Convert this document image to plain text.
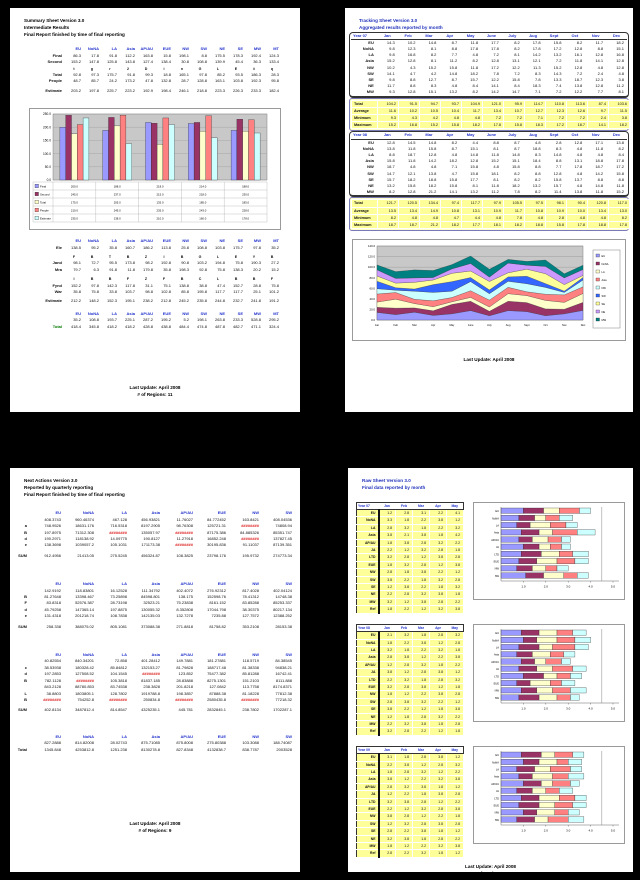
Summary Sheet Version 3.0
Intermediate Results
Final Report finished by time of final reporting
	EU	NoNA	LA	Asia	AP/AU	EUE	NW	SW	NE	SE	MW	MT
Final	86.3	17.8	91.8	112.2	163.8	15.8	198.1	8.8	175.5	178.3	192.4	124.3
Second	153.2	147.8	125.8	143.8	127.4	138.4	30.8	108.8	139.9	45.4	36.3	133.4
	t	g	r	2	D	i	n	G	L	E	#	q
Total	92.8	97.3	175.7	91.8	99.3	18.8	165.1	97.8	85.2	93.5	186.3	28.3
People	48.7	85.7	24.2	173.2	47.8	132.8	28.7	128.8	163.1	103.8	192.3	95.8

Estimate	203.2	197.8	225.7	223.2	192.9	198.4	246.1	218.8	223.3	226.3	233.3	182.4
0.0
50.0
100.0
150.0
200.0
250.0
Final	200.0	188.0	218.0	214.0	188.0
Second	245.0	237.0	215.0	218.0	230.0
Total	175.0	205.0	135.0	185.0	185.0
People	210.0	245.0	235.0	243.0	228.0
Estimate	235.0	138.0	210.0	160.0	178.0
	EU	NoNA	LA	Asia	AP/AU	EUE	NW	SW	NE	SE	MW	MT
Ele	138.5	95.2	35.8	160.7	186.2	113.8	25.8	108.8	103.8	175.7	97.8	35.2

	F	B	T	B	Z	I	B	G	L	E	Y	B
Jand	98.1	72.7	95.5	173.8	98.2	192.8	90.8	103.2	194.8	75.8	190.3	27.2
Mra	79.7	6.3	91.8	11.8	179.8	35.8	198.3	92.8	75.8	138.3	20.2	15.2

	I	B	B	F	Z	F	B	C	L	B	B	F
Fynd	152.2	97.8	142.3	117.8	31.1	75.1	138.8	38.8	47.4	152.7	28.8	75.8
War	35.8	75.8	33.8	103.7	98.8	102.8	85.8	195.8	117.7	117.7	25.1	101.2

Estimate	212.2	148.2	152.3	195.1	238.2	212.8	245.2	235.8	244.8	232.7	241.8	191.2
	EU	NoNA	LA	Asia	AP/AU	EUE	NW	SW	NE	SE	MW	MT
	35.2	108.8	193.7	225.1	287.2	195.2	5.2	198.1	263.8	233.3	528.8	295.2
Total	418.4	345.8	418.2	418.2	428.8	438.8	484.4	474.8	487.8	482.7	471.1	324.4
Last Update: April 2008
# of Regions: 11
Tracking Sheet Version 3.0
Aggregated results reported by month
Year 07	Jan	Feb	Mar	Apr	May	June	July	Aug	Sept	Oct	Nov	Dec
EU	14.3	10.2	14.8	8.7	11.8	17.7	8.2	17.8	15.8	8.2	11.7	18.2
NoNA	9.8	12.3	8.1	8.8	17.8	17.8	8.2	17.8	17.2	12.8	8.8	15.1
LA	9.8	16.8	8.2	7.7	4.8	7.2	8.1	14.2	13.2	16.1	12.8	16.8
Asia	15.2	12.8	8.1	11.2	8.2	12.8	13.1	12.1	7.2	11.8	14.1	12.8
NW	10.2	4.3	15.2	15.8	11.8	17.2	12.2	11.3	15.2	12.8	4.8	12.8
SW	14.1	4.7	4.2	14.8	18.2	7.8	7.2	8.3	14.3	7.2	2.4	4.8
SE	9.8	8.8	12.7	8.7	15.7	12.2	15.8	7.8	13.3	18.7	12.3	3.8
NE	11.7	8.8	8.3	4.8	8.4	14.1	8.4	18.3	7.4	13.8	12.8	11.2
MW	9.3	12.8	15.1	13.2	8.2	14.2	14.7	7.1	7.2	12.2	7.7	8.1
Total	104.2	91.5	94.7	93.7	104.9	121.0	95.9	114.7	110.8	113.6	87.4	103.6
Average	11.6	10.2	10.5	10.4	11.7	13.4	10.7	12.7	12.3	12.6	9.7	11.5
Minimum	9.3	4.3	4.2	4.8	4.8	7.2	7.2	7.1	7.2	7.2	2.4	3.8
Maximum	15.2	16.8	15.2	15.8	18.2	17.8	15.8	18.3	17.2	18.7	14.1	18.2
Year 08	Jan	Feb	Mar	Apr	May	June	July	Aug	Sept	Oct	Nov	Dec
EU	12.8	14.5	14.8	8.2	4.4	8.8	8.7	4.8	2.8	12.8	17.1	13.8
NoNA	13.8	11.8	15.8	8.7	15.1	8.1	8.7	18.8	8.3	4.8	11.8	8.2
LA	8.8	18.7	12.8	4.8	14.8	11.8	14.8	8.3	14.8	4.8	4.8	8.4
Asia	15.8	11.8	14.2	18.2	12.8	15.2	15.1	18.4	8.8	13.1	18.8	17.8
NW	18.7	4.8	4.8	7.1	15.8	4.8	15.8	8.8	7.7	17.8	18.7	17.2
SW	14.7	12.1	13.8	4.7	15.8	18.1	8.2	8.8	12.8	4.8	14.2	15.8
SE	15.7	18.2	18.8	15.8	17.7	8.1	8.2	8.2	15.8	13.7	8.8	8.8
NE	13.2	15.8	18.2	15.8	8.1	11.8	18.2	13.2	15.7	4.8	14.8	11.8
MW	8.2	12.8	21.2	14.1	13.2	11.2	7.8	8.2	11.4	13.8	11.8	15.2
Total	121.7	120.5	134.4	97.4	117.7	97.9	105.5	97.5	98.1	90.4	120.8	117.0
Average	13.5	13.4	14.9	10.8	13.1	10.9	11.7	10.8	10.9	10.0	13.4	13.0
Minimum	8.2	4.8	4.8	4.7	4.4	4.8	7.8	4.8	2.8	4.8	4.8	8.2
Maximum	18.7	18.7	21.2	18.2	17.7	18.1	18.2	18.8	15.8	17.8	18.8	17.8
0.0
20.0
40.0
60.0
80.0
100.0
120.0
140.0
Jan	Feb	Mar	Apr	May	June	July	Aug	Sept	Oct	Nov	Dec
EU
NoNA
LA
Asia
NW
SW
SE
NE
MW
Last Update: April 2008
Next Actions Version 3.0
Reported by quarterly reporting
Final Report finished by time of final reporting
	EU	NoNA	LA	Asia	AP/AU	EUE	NW	SW
	408.3743	960.46374	467.128	456.93821	11.76027	84.772452	163.8421	408.04536
a	748.9526	18631.176	716.5318	8197.2905	98.76308	125721.31	########	74808.94
B	197.8975	71312.308	########	135057.97	########	87175.386	84.885326	85351.747
d	190.2971	118138.92	14.09775	190.8127	11.27918	16852.248	########	137827.45
e	138.3698	1039057.2	105.1031	171173.38	########	30195.836	91.11037	87139.351

SUM	912.4956	21413.05	275.5245	456324.87	108.3825	23798.176	195.9732	274773.34
	EU	NoNA	LA	Asia	AP/AU	EUE	NW	SW
	142.9192	118.83801	16.12528	111.34792	402.4072	276.92312	817.4028	402.04124
B	81.27648	13398.467	73.25898	84598.801	138.175	152598.76	78.41312	14748.38
F	83.8318	52576.387	28.73198	32523.21	75.23838	8161.152	83.85288	85253.337
d	45.79258	147365.14	197.8875	130055.32	8.352808	17044.798	38.30375	80217.134
e	131.4318	201218.74	108.7838	142135.03	132.7278	7235.88	127.7572	12388.252

SUM	258.338	388075.02	805.1081	373088.38	271.8818	81758.82	353.2108	28153.38
	EU	NoNA	LA	Asia	AP/AU	EUE	NW	SW
	40.82554	840.34201	72.858	401.28412	149.7881	181.27881	118.5719	84.38545
c	38.53938	180328.42	85.84812	132153.27	81.79828	188717.48	81.38338	94838.21
d	197.2853	127508.52	104.1545	########	123.852	75477.382	85.81288	16742.41
B	782.1128	########	105.3818	81837.185	28.83888	8275.1301	151.2103	8111.888
	843.2128	88780.853	83.74538	238.3828	201.8218	127.0842	113.7758	8174.8371
L	38.8803	1803805.1	128.7802	1919788.8	198.3857	87888.38	81.18228	77812.38
B	########	754252.8	########	250834.8	########	2580435.8	########	77218.32

SUM	402.8134	3487812.4	814.8547	4325235.1	445.781	2832845.1	238.7802	1702287.1
	EU	NoNA	LA	Asia	AP/AU	EUE	NW	SW
	827.2888	814.82008	28.02743	875.71085	875.8008	275.80388	103.3088	188.74087
Total	1345.848	4253812.8	1251.238	8130278.8	827.8348	4132838.7	838.7787	2003528
Last Update: April 2008
# of Regions: 9
Raw Sheet Version 3.0
Final data reported by month
Year 07	Jan	Feb	Mar	Apr	May
EU	1.2	2.8	3.1	2.2	4.1
NoNA	3.3	1.8	2.2	3.8	1.2
LA	2.8	3.2	1.8	2.2	3.2
Asia	3.8	2.1	3.8	1.8	4.2
AP/AU	1.8	3.8	2.8	3.2	2.2
JA	2.2	1.2	3.2	2.8	1.8
LTD	3.2	2.8	1.2	3.8	2.8
EUE	1.8	3.2	2.8	1.2	3.8
NW	2.8	1.8	3.8	2.2	1.2
SW	3.8	2.2	1.8	3.2	2.8
SE	1.2	3.8	2.2	1.8	3.2
NE	2.2	2.8	3.2	3.8	1.8
MW	3.2	1.2	3.8	2.8	2.2
Ref	1.8	2.2	1.2	3.2	3.8
EU
NoNA
LA
Asia
AP/AU
JA
LTD
EUE
NW
SW
1.0	2.0	3.0	4.0	5.0
Year 08	Jan	Feb	Mar	Apr	May
EU	2.1	3.2	1.8	2.8	3.2
NoNA	1.8	2.2	3.8	1.2	2.8
LA	3.2	1.8	2.2	3.2	1.8
Asia	2.8	3.8	1.2	2.2	3.8
AP/AU	1.2	2.8	3.2	1.8	2.2
JA	3.8	1.2	2.8	3.8	1.2
LTD	2.2	3.2	1.8	2.8	3.2
EUE	3.2	2.8	3.8	1.2	1.8
NW	1.8	1.2	2.2	3.8	2.8
SW	2.8	3.8	3.2	2.2	1.2
SE	3.8	2.2	1.2	1.8	3.8
NE	1.2	1.8	2.8	3.2	2.2
MW	2.2	3.2	3.8	1.8	2.8
Ref	3.2	2.8	2.2	1.2	1.8
EU
NoNA
LA
Asia
AP/AU
JA
LTD
EUE
NW
SW
1.0	2.0	3.0	4.0	5.0
Year 09	Jan	Feb	Mar	Apr	May
EU	3.1	1.8	2.8	3.8	1.2
NoNA	2.2	3.8	1.2	2.8	3.2
LA	1.8	2.8	3.2	1.2	2.2
Asia	3.8	1.2	2.2	3.2	3.8
AP/AU	2.8	3.2	3.8	1.8	1.2
JA	1.2	2.2	1.8	3.8	2.8
LTD	3.2	3.8	2.8	1.2	2.2
EUE	2.2	1.2	3.2	2.8	3.8
NW	3.8	2.8	1.2	2.2	1.8
SW	1.2	3.2	2.8	3.8	2.8
SE	2.8	2.2	3.8	1.8	1.2
NE	3.2	3.8	1.8	2.8	2.2
MW	1.8	1.2	2.2	3.2	3.8
Ref	2.8	2.2	3.2	1.8	1.2
EU
NoNA
LA
Asia
AP/AU
JA
LTD
EUE
NW
SW
1.0	2.0	3.0	4.0	5.0
Last Update: April 2008
# of Regions: 9
